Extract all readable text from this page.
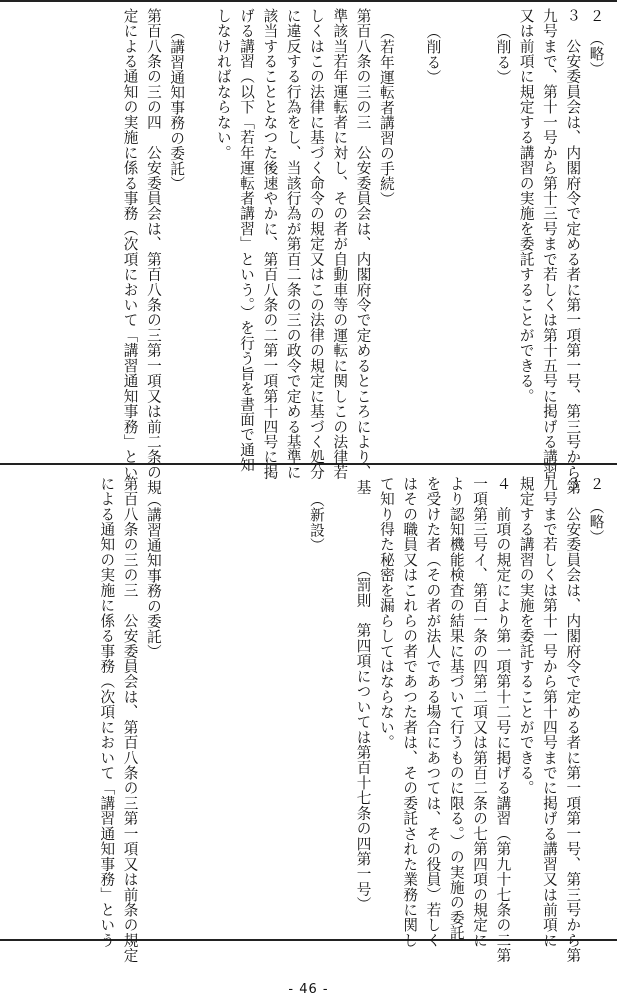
２　（略）
３　公安委員会は、内閣府令で定める者に第一項第一号、第三号から第
九号まで、第十一号から第十三号まで若しくは第十五号に掲げる講習
又は前項に規定する講習の実施を委託することができる。
（削る）
（削る）
（若年運転者講習の手続）
第百八条の三の三　公安委員会は、内閣府令で定めるところにより、基
準該当若年運転者に対し、その者が自動車等の運転に関しこの法律若
しくはこの法律に基づく命令の規定又はこの法律の規定に基づく処分
に違反する行為をし、当該行為が第百二条の三の政令で定める基準に
該当することとなつた後速やかに、第百八条の二第一項第十四号に掲
げる講習（以下「若年運転者講習」という。）を行う旨を書面で通知
しなければならない。
（講習通知事務の委託）
第百八条の三の四　公安委員会は、第百八条の三第一項又は前二条の規
定による通知の実施に係る事務（次項において「講習通知事務」とい
２　（略）
３　公安委員会は、内閣府令で定める者に第一項第一号、第三号から第
九号まで若しくは第十一号から第十四号までに掲げる講習又は前項に
規定する講習の実施を委託することができる。
４　前項の規定により第一項第十二号に掲げる講習（第九十七条の二第
一項第三号イ、第百一条の四第二項又は第百二条の七第四項の規定に
より認知機能検査の結果に基づいて行うものに限る。）の実施の委託
を受けた者（その者が法人である場合にあつては、その役員）若しく
はその職員又はこれらの者であつた者は、その委託された業務に関し
て知り得た秘密を漏らしてはならない。
（罰則　第四項については第百十七条の四第一号）
（新設）
（講習通知事務の委託）
第百八条の三の三　公安委員会は、第百八条の三第一項又は前条の規定
による通知の実施に係る事務（次項において「講習通知事務」という
- 46 -
